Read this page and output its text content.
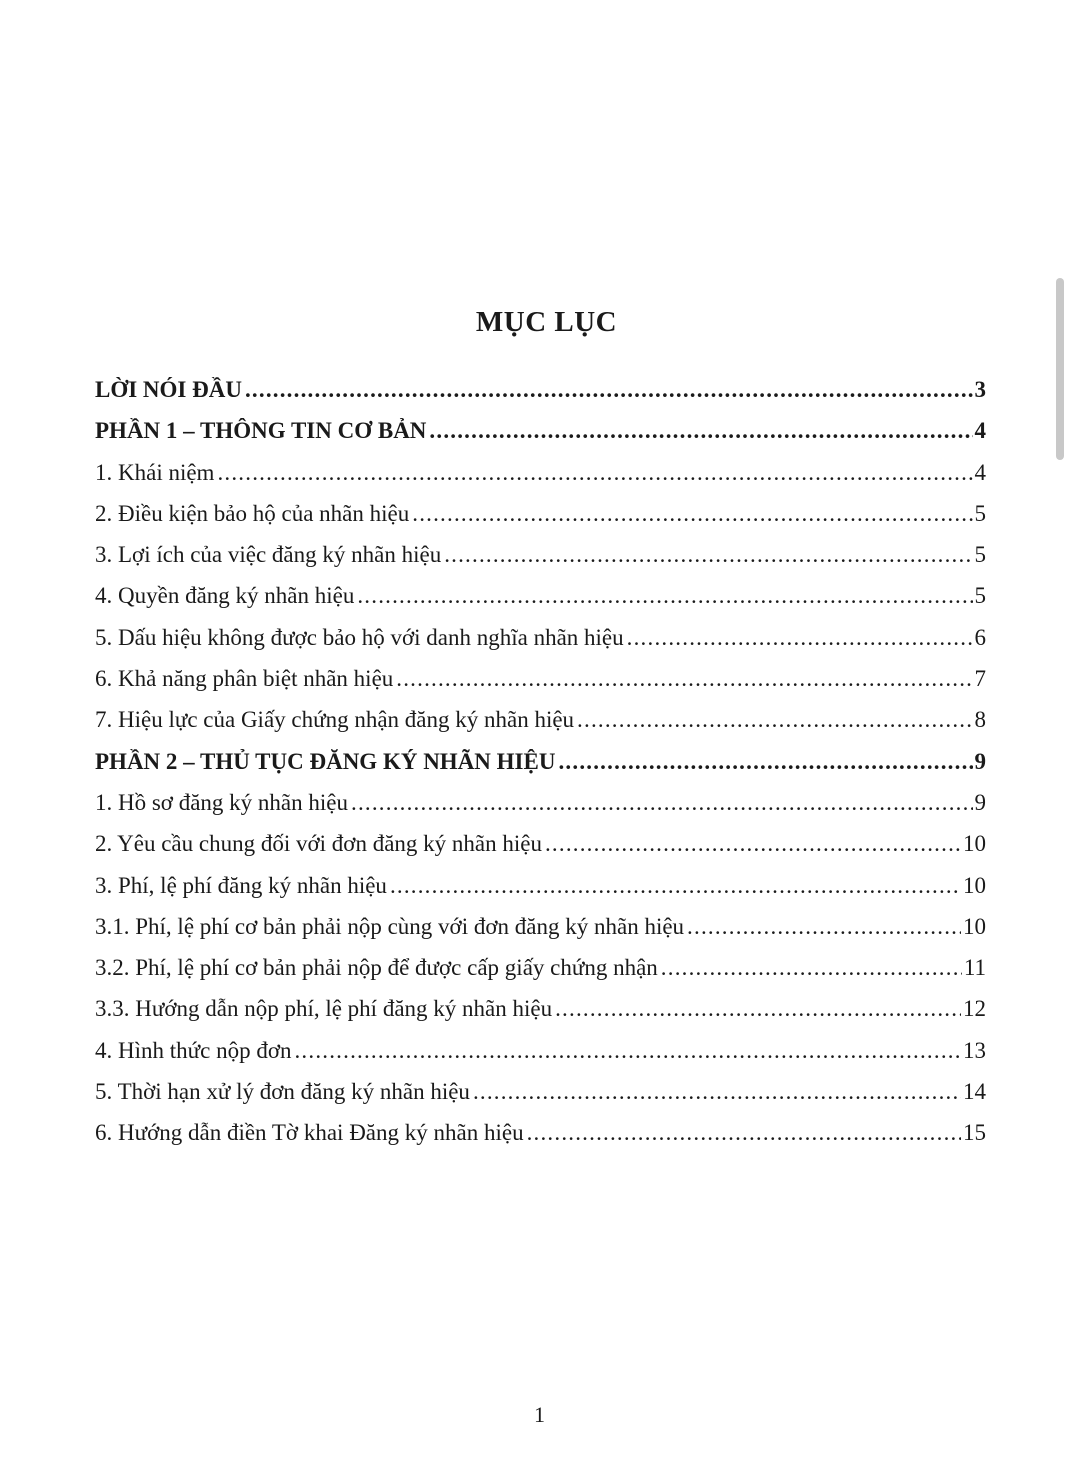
MỤC LỤC
LỜI NÓI ĐẦU .....	3
PHẦN 1 – THÔNG TIN CƠ BẢN .....	4
1. Khái niệm .....	4
2. Điều kiện bảo hộ của nhãn hiệu .....	5
3. Lợi ích của việc đăng ký nhãn hiệu .....	5
4. Quyền đăng ký nhãn hiệu .....	5
5. Dấu hiệu không được bảo hộ với danh nghĩa nhãn hiệu .....	6
6. Khả năng phân biệt nhãn hiệu .....	7
7. Hiệu lực của Giấy chứng nhận đăng ký nhãn hiệu .....	8
PHẦN 2 – THỦ TỤC ĐĂNG KÝ NHÃN HIỆU .....	9
1. Hồ sơ đăng ký nhãn hiệu .....	9
2. Yêu cầu chung đối với đơn đăng ký nhãn hiệu .....	10
3. Phí, lệ phí đăng ký nhãn hiệu .....	10
3.1. Phí, lệ phí cơ bản phải nộp cùng với đơn đăng ký nhãn hiệu .....	10
3.2. Phí, lệ phí cơ bản phải nộp để được cấp giấy chứng nhận .....	11
3.3. Hướng dẫn nộp phí, lệ phí đăng ký nhãn hiệu .....	12
4. Hình thức nộp đơn .....	13
5. Thời hạn xử lý đơn đăng ký nhãn hiệu .....	14
6. Hướng dẫn điền Tờ khai Đăng ký nhãn hiệu .....	15
1
